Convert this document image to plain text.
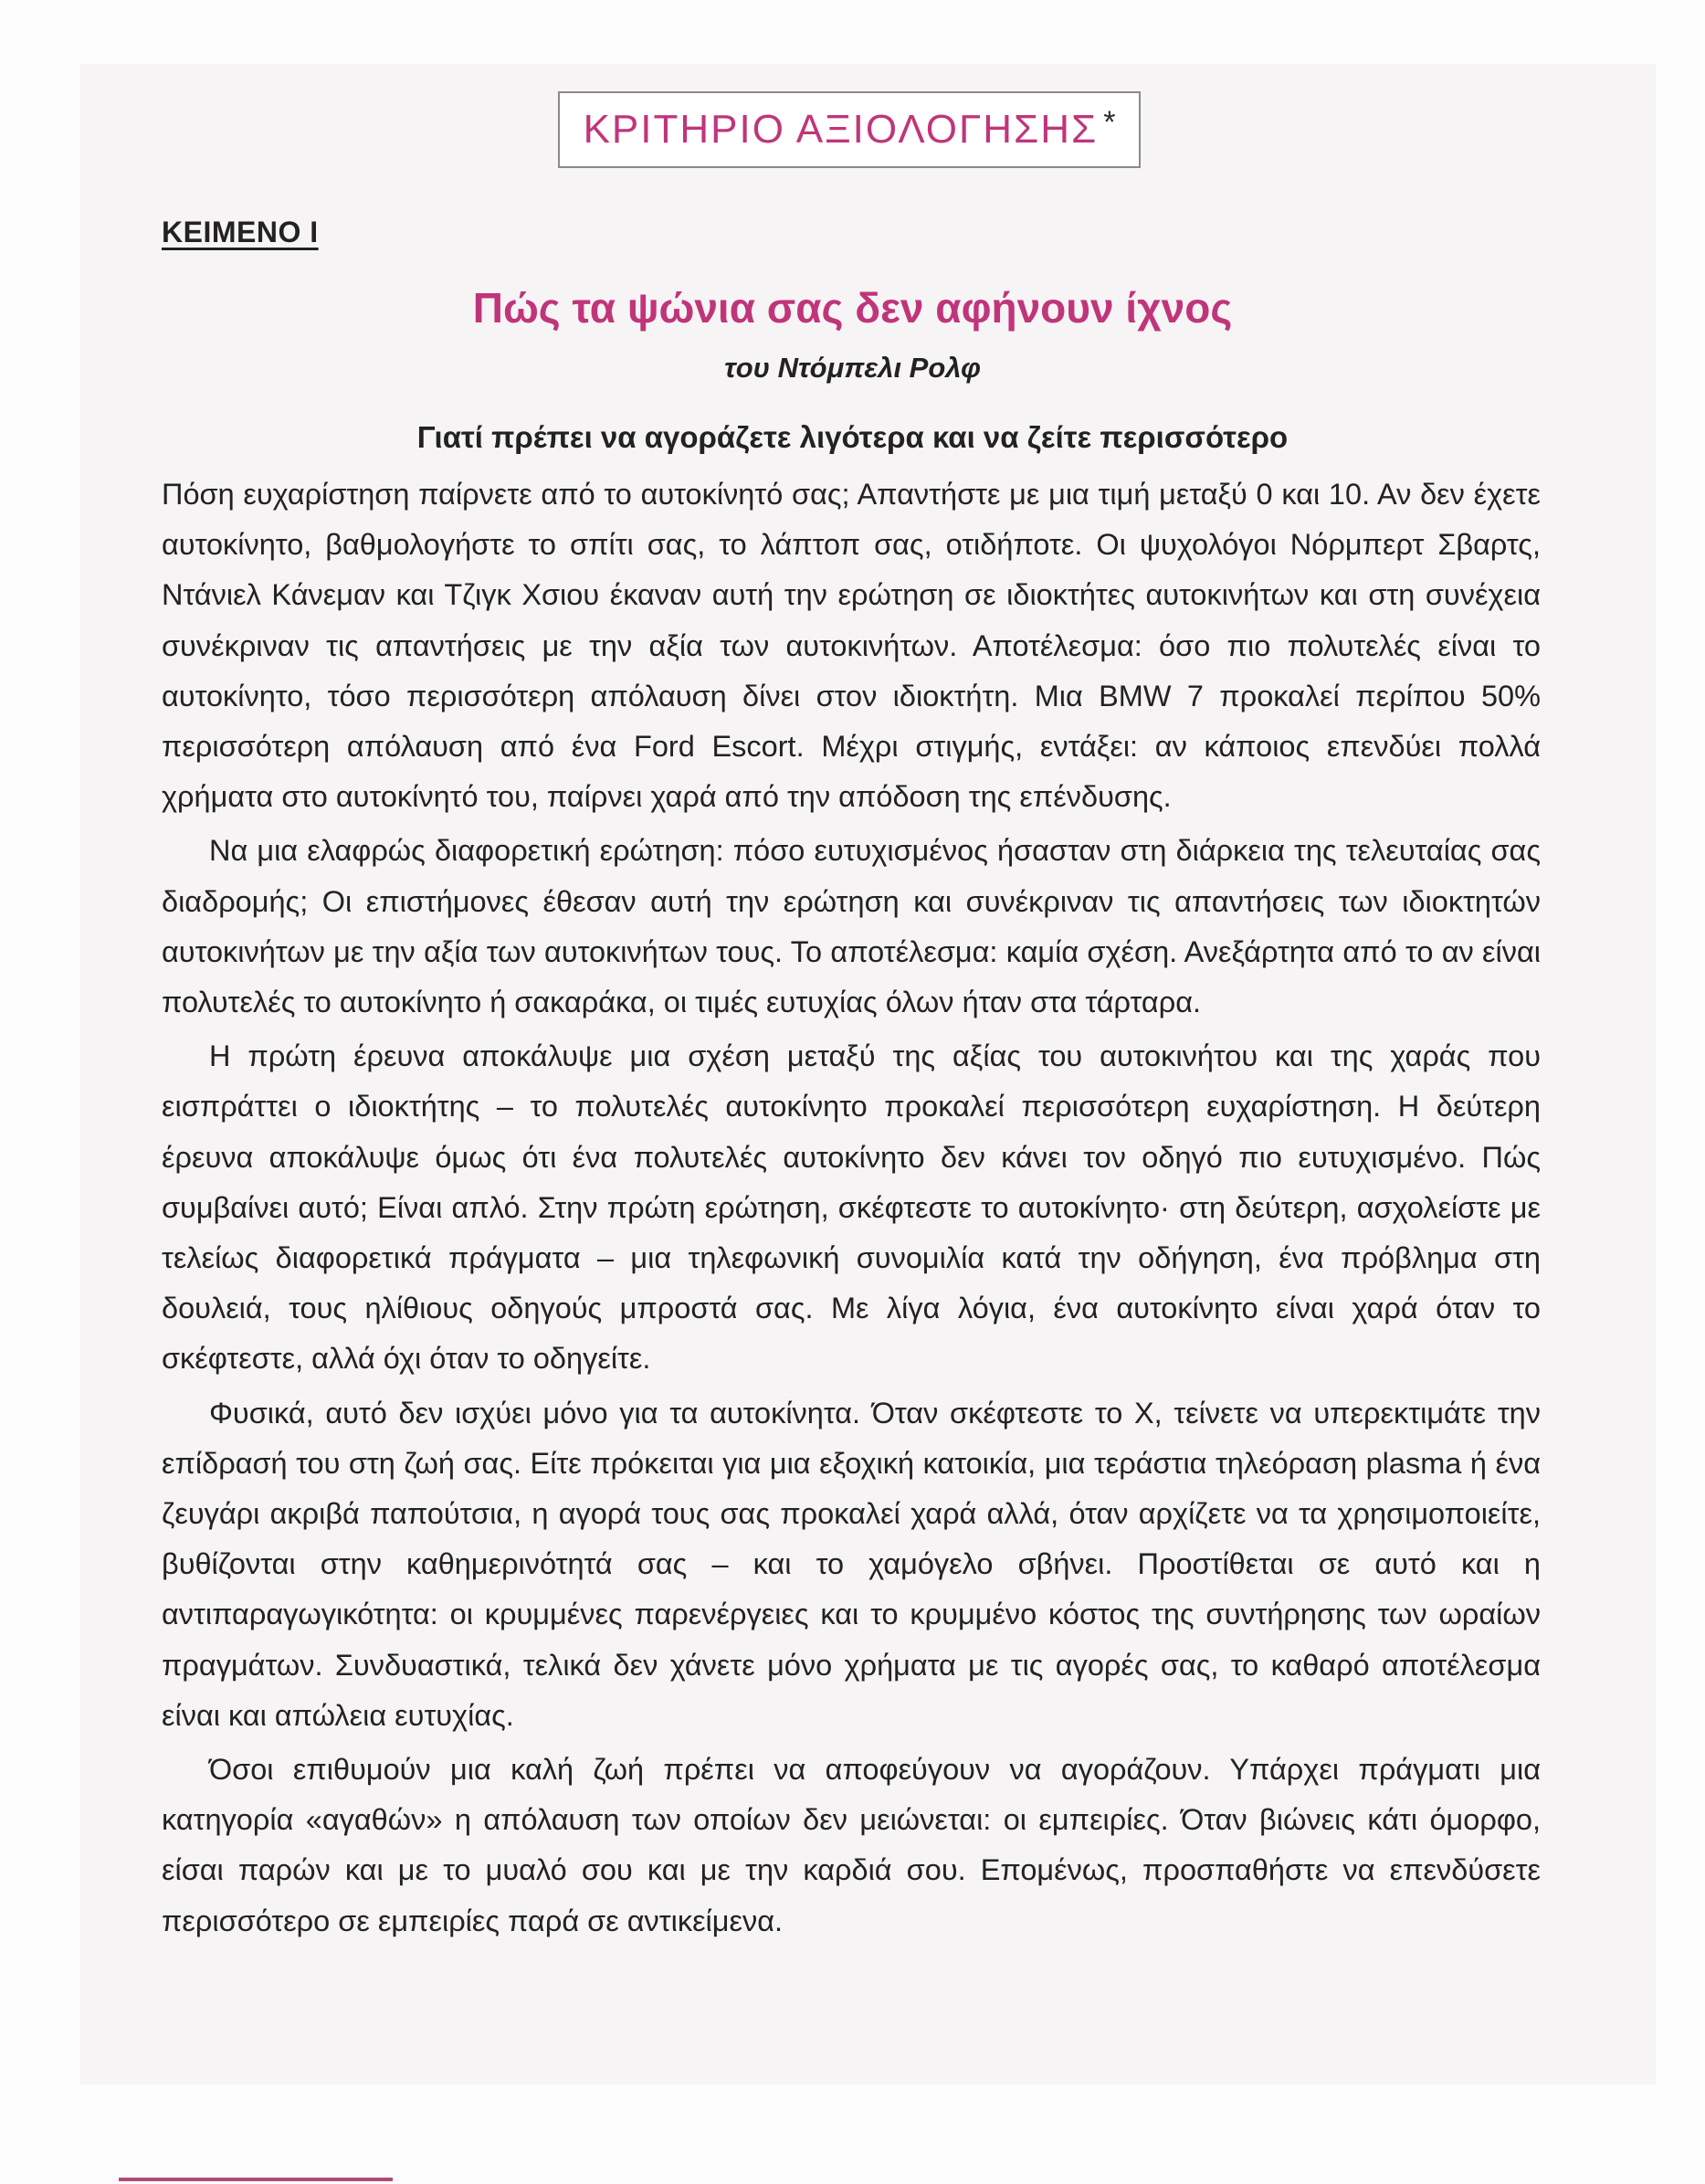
ΚΡΙΤΗΡΙΟ ΑΞΙΟΛΟΓΗΣΗΣ *
ΚΕΙΜΕΝΟ Ι
Πώς τα ψώνια σας δεν αφήνουν ίχνος
του Ντόμπελι Ρολφ
Γιατί πρέπει να αγοράζετε λιγότερα και να ζείτε περισσότερο

Πόση ευχαρίστηση παίρνετε από το αυτοκίνητό σας; Απαντήστε με μια τιμή μεταξύ 0 και 10. Αν δεν έχετε αυτοκίνητο, βαθμολογήστε το σπίτι σας, το λάπτοπ σας, οτιδήποτε. Οι ψυχολόγοι Νόρμπερτ Σβαρτς, Ντάνιελ Κάνεμαν και Τζιγκ Χσιου έκαναν αυτή την ερώτηση σε ιδιοκτήτες αυτοκινήτων και στη συνέχεια συνέκριναν τις απαντήσεις με την αξία των αυτοκινήτων. Αποτέλεσμα: όσο πιο πολυτελές είναι το αυτοκίνητο, τόσο περισσότερη απόλαυση δίνει στον ιδιοκτήτη. Μια BMW 7 προκαλεί περίπου 50% περισσότερη απόλαυση από ένα Ford Escort. Μέχρι στιγμής, εντάξει: αν κάποιος επενδύει πολλά χρήματα στο αυτοκίνητό του, παίρνει χαρά από την απόδοση της επένδυσης.

Να μια ελαφρώς διαφορετική ερώτηση: πόσο ευτυχισμένος ήσασταν στη διάρκεια της τελευταίας σας διαδρομής; Οι επιστήμονες έθεσαν αυτή την ερώτηση και συνέκριναν τις απαντήσεις των ιδιοκτητών αυτοκινήτων με την αξία των αυτοκινήτων τους. Το αποτέλεσμα: καμία σχέση. Ανεξάρτητα από το αν είναι πολυτελές το αυτοκίνητο ή σακαράκα, οι τιμές ευτυχίας όλων ήταν στα τάρταρα.

Η πρώτη έρευνα αποκάλυψε μια σχέση μεταξύ της αξίας του αυτοκινήτου και της χαράς που εισπράττει ο ιδιοκτήτης – το πολυτελές αυτοκίνητο προκαλεί περισσότερη ευχαρίστηση. Η δεύτερη έρευνα αποκάλυψε όμως ότι ένα πολυτελές αυτοκίνητο δεν κάνει τον οδηγό πιο ευτυχισμένο. Πώς συμβαίνει αυτό; Είναι απλό. Στην πρώτη ερώτηση, σκέφτεστε το αυτοκίνητο· στη δεύτερη, ασχολείστε με τελείως διαφορετικά πράγματα – μια τηλεφωνική συνομιλία κατά την οδήγηση, ένα πρόβλημα στη δουλειά, τους ηλίθιους οδηγούς μπροστά σας. Με λίγα λόγια, ένα αυτοκίνητο είναι χαρά όταν το σκέφτεστε, αλλά όχι όταν το οδηγείτε.

Φυσικά, αυτό δεν ισχύει μόνο για τα αυτοκίνητα. Όταν σκέφτεστε το Χ, τείνετε να υπερεκτιμάτε την επίδρασή του στη ζωή σας. Είτε πρόκειται για μια εξοχική κατοικία, μια τεράστια τηλεόραση plasma ή ένα ζευγάρι ακριβά παπούτσια, η αγορά τους σας προκαλεί χαρά αλλά, όταν αρχίζετε να τα χρησιμοποιείτε, βυθίζονται στην καθημερινότητά σας – και το χαμόγελο σβήνει. Προστίθεται σε αυτό και η αντιπαραγωγικότητα: οι κρυμμένες παρενέργειες και το κρυμμένο κόστος της συντήρησης των ωραίων πραγμάτων. Συνδυαστικά, τελικά δεν χάνετε μόνο χρήματα με τις αγορές σας, το καθαρό αποτέλεσμα είναι και απώλεια ευτυχίας.

Όσοι επιθυμούν μια καλή ζωή πρέπει να αποφεύγουν να αγοράζουν. Υπάρχει πράγματι μια κατηγορία «αγαθών» η απόλαυση των οποίων δεν μειώνεται: οι εμπειρίες. Όταν βιώνεις κάτι όμορφο, είσαι παρών και με το μυαλό σου και με την καρδιά σου. Επομένως, προσπαθήστε να επενδύσετε περισσότερο σε εμπειρίες παρά σε αντικείμενα.
